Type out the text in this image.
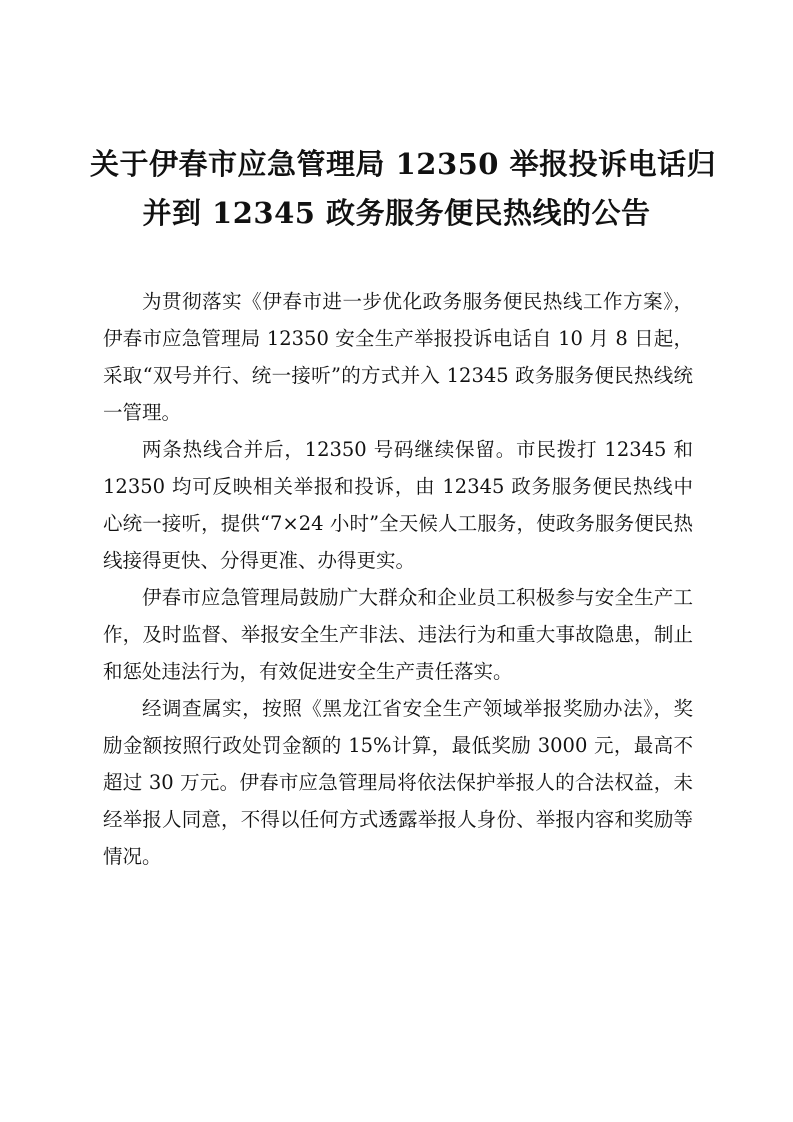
关于伊春市应急管理局 12350 举报投诉电话归
并到 12345 政务服务便民热线的公告

为贯彻落实《伊春市进一步优化政务服务便民热线工作方案》，伊春市应急管理局 12350 安全生产举报投诉电话自 10 月 8 日起，采取“双号并行、统一接听”的方式并入 12345 政务服务便民热线统一管理。

两条热线合并后，12350 号码继续保留。市民拨打 12345 和 12350 均可反映相关举报和投诉，由 12345 政务服务便民热线中心统一接听，提供“7×24 小时”全天候人工服务，使政务服务便民热线接得更快、分得更准、办得更实。

伊春市应急管理局鼓励广大群众和企业员工积极参与安全生产工作，及时监督、举报安全生产非法、违法行为和重大事故隐患，制止和惩处违法行为，有效促进安全生产责任落实。

经调查属实，按照《黑龙江省安全生产领域举报奖励办法》，奖励金额按照行政处罚金额的 15%计算，最低奖励 3000 元，最高不超过 30 万元。伊春市应急管理局将依法保护举报人的合法权益，未经举报人同意，不得以任何方式透露举报人身份、举报内容和奖励等情况。
